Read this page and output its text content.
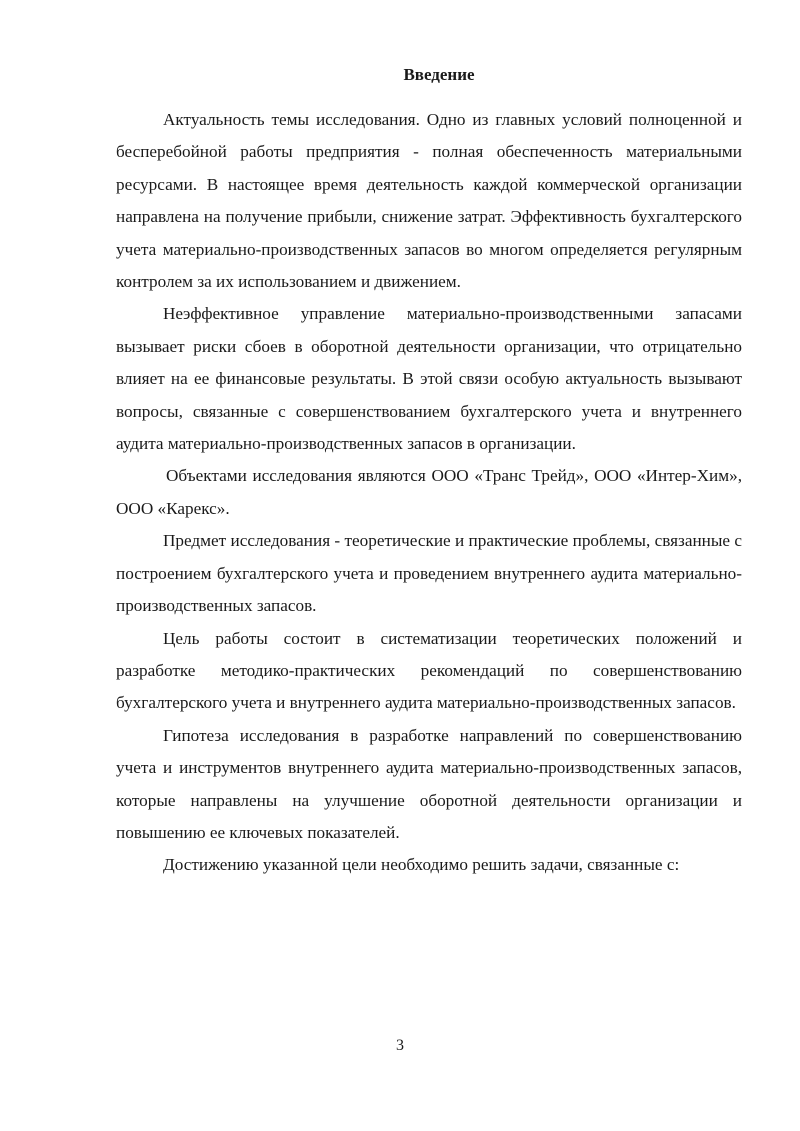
Введение

Актуальность темы исследования. Одно из главных условий полноценной и бесперебойной работы предприятия - полная обеспеченность материальными ресурсами. В настоящее время деятельность каждой коммерческой организации направлена на получение прибыли, снижение затрат. Эффективность бухгалтерского учета материально-производственных запасов во многом определяется регулярным контролем за их использованием и движением.

Неэффективное управление материально-производственными запасами вызывает риски сбоев в оборотной деятельности организации, что отрицательно влияет на ее финансовые результаты. В этой связи особую актуальность вызывают вопросы, связанные с совершенствованием бухгалтерского учета и внутреннего аудита материально-производственных запасов в организации.

Объектами исследования являются ООО «Транс Трейд», ООО «Интер-Хим», ООО «Карекс».

Предмет исследования - теоретические и практические проблемы, связанные с построением бухгалтерского учета и проведением внутреннего аудита материально-производственных запасов.

Цель работы состоит в систематизации теоретических положений и разработке методико-практических рекомендаций по совершенствованию бухгалтерского учета и внутреннего аудита материально-производственных запасов.

Гипотеза исследования в разработке направлений по совершенствованию учета и инструментов внутреннего аудита материально-производственных запасов, которые направлены на улучшение оборотной деятельности организации и повышению ее ключевых показателей.

Достижению указанной цели необходимо решить задачи, связанные с:

3
